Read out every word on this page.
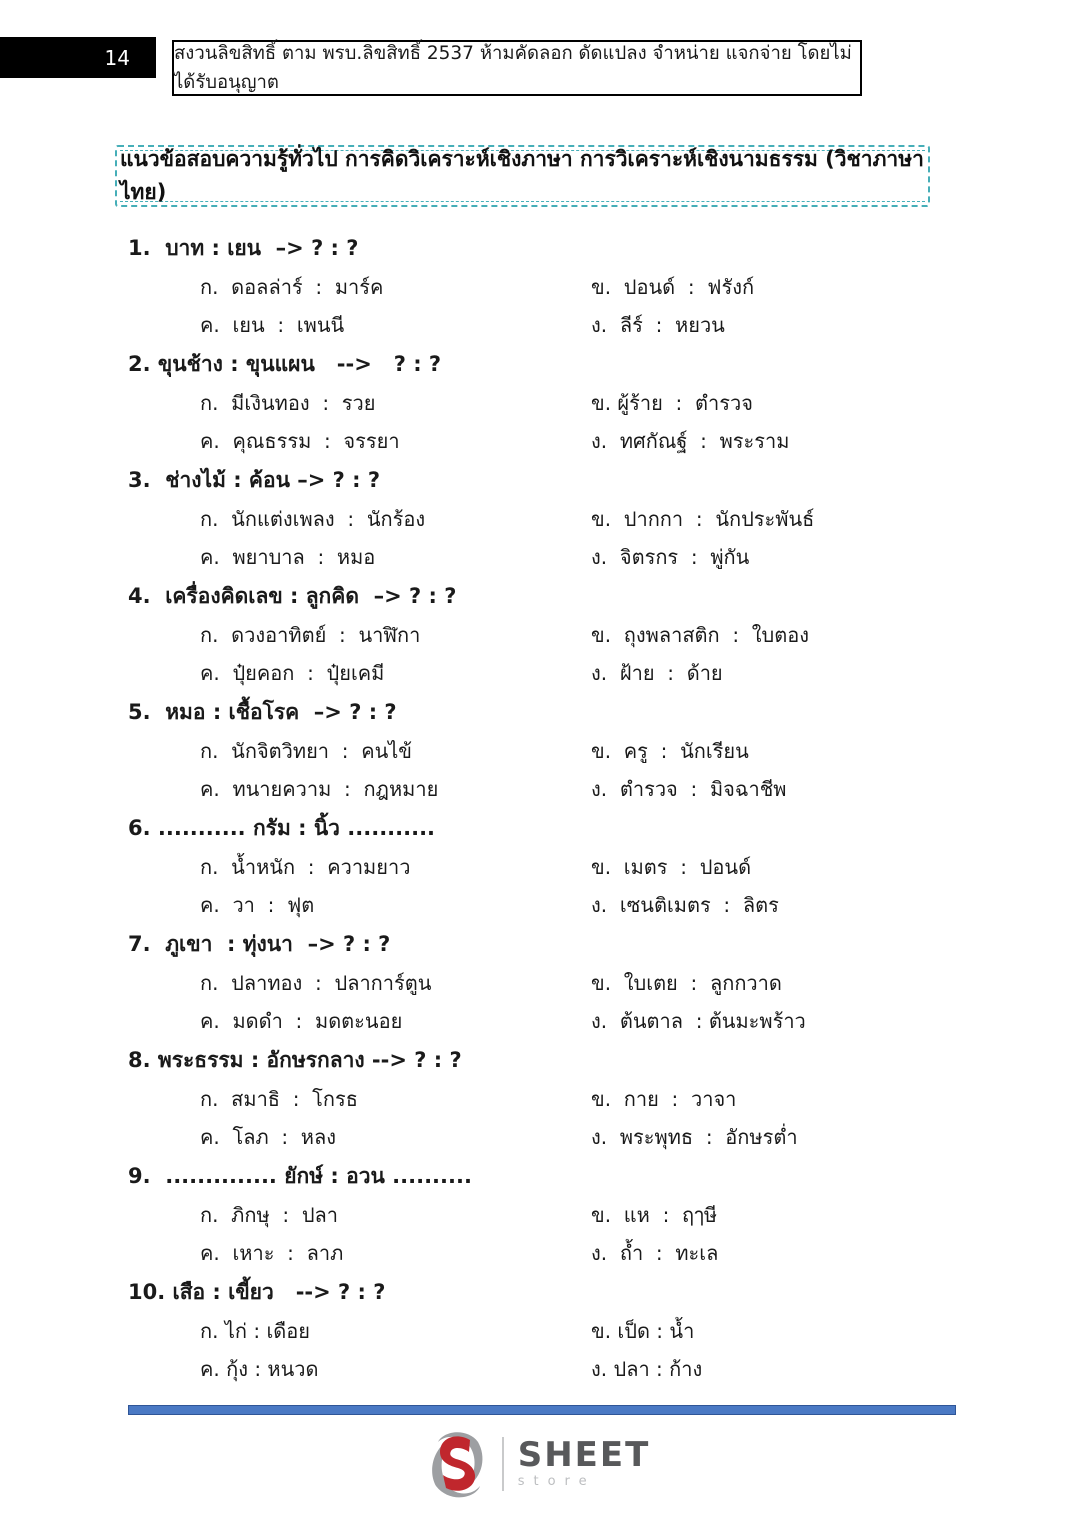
14 สงวนลิขสิทธิ์ ตาม พรบ.ลิขสิทธิ์ 2537 ห้ามคัดลอก ดัดแปลง จำหน่าย แจกจ่าย โดยไม่ได้รับอนุญาต
แนวข้อสอบความรู้ทั่วไป การคิดวิเคราะห์เชิงภาษา การวิเคราะห์เชิงนามธรรม (วิชาภาษาไทย)
1.  บาท : เยน  –> ? : ?
ก.  ดอลล่าร์  :  มาร์ค	ข.  ปอนด์  :  ฟรังก์
ค.  เยน  :  เพนนี	ง.  ลีร์  :  หยวน
2. ขุนช้าง : ขุนแผน   -->   ? : ?
ก.  มีเงินทอง  :  รวย	ข. ผู้ร้าย  :  ตำรวจ
ค.  คุณธรรม  :  จรรยา	ง.  ทศกัณฐ์  :  พระราม
3.  ช่างไม้ : ค้อน –> ? : ?
ก.  นักแต่งเพลง  :  นักร้อง	ข.  ปากกา  :  นักประพันธ์
ค.  พยาบาล  :  หมอ	ง.  จิตรกร  :  พู่กัน
4.  เครื่องคิดเลข : ลูกคิด  –> ? : ?
ก.  ดวงอาทิตย์  :  นาฬิกา	ข.  ถุงพลาสติก  :  ใบตอง
ค.  ปุ๋ยคอก  :  ปุ๋ยเคมี	ง.  ฝ้าย  :  ด้าย
5.  หมอ : เชื้อโรค  –> ? : ?
ก.  นักจิตวิทยา  :  คนไข้	ข.  ครู  :  นักเรียน
ค.  ทนายความ  :  กฎหมาย	ง.  ตำรวจ  :  มิจฉาชีพ
6. ........... กรัม : นิ้ว ...........
ก.  น้ำหนัก  :  ความยาว	ข.  เมตร  :  ปอนด์
ค.  วา  :  ฟุต	ง.  เซนติเมตร  :  ลิตร
7.  ภูเขา  : ทุ่งนา  –> ? : ?
ก.  ปลาทอง  :  ปลาการ์ตูน	ข.  ใบเตย  :  ลูกกวาด
ค.  มดดำ  :  มดตะนอย	ง.  ต้นตาล  : ต้นมะพร้าว
8. พระธรรม : อักษรกลาง --> ? : ?
ก.  สมาธิ  :  โกรธ	ข.  กาย  :  วาจา
ค.  โลภ  :  หลง	ง.  พระพุทธ  :  อักษรต่ำ
9.  .............. ยักษ์ : อวน ..........
ก.  ภิกษุ  :  ปลา	ข.  แห  :  ฤๅษี
ค.  เหาะ  :  ลาภ	ง.  ถ้ำ  :  ทะเล
10. เสือ : เขี้ยว   --> ? : ?
ก. ไก่ : เดือย	ข. เป็ด : น้ำ
ค. กุ้ง : หนวด	ง. ปลา : ก้าง
SHEET
store
